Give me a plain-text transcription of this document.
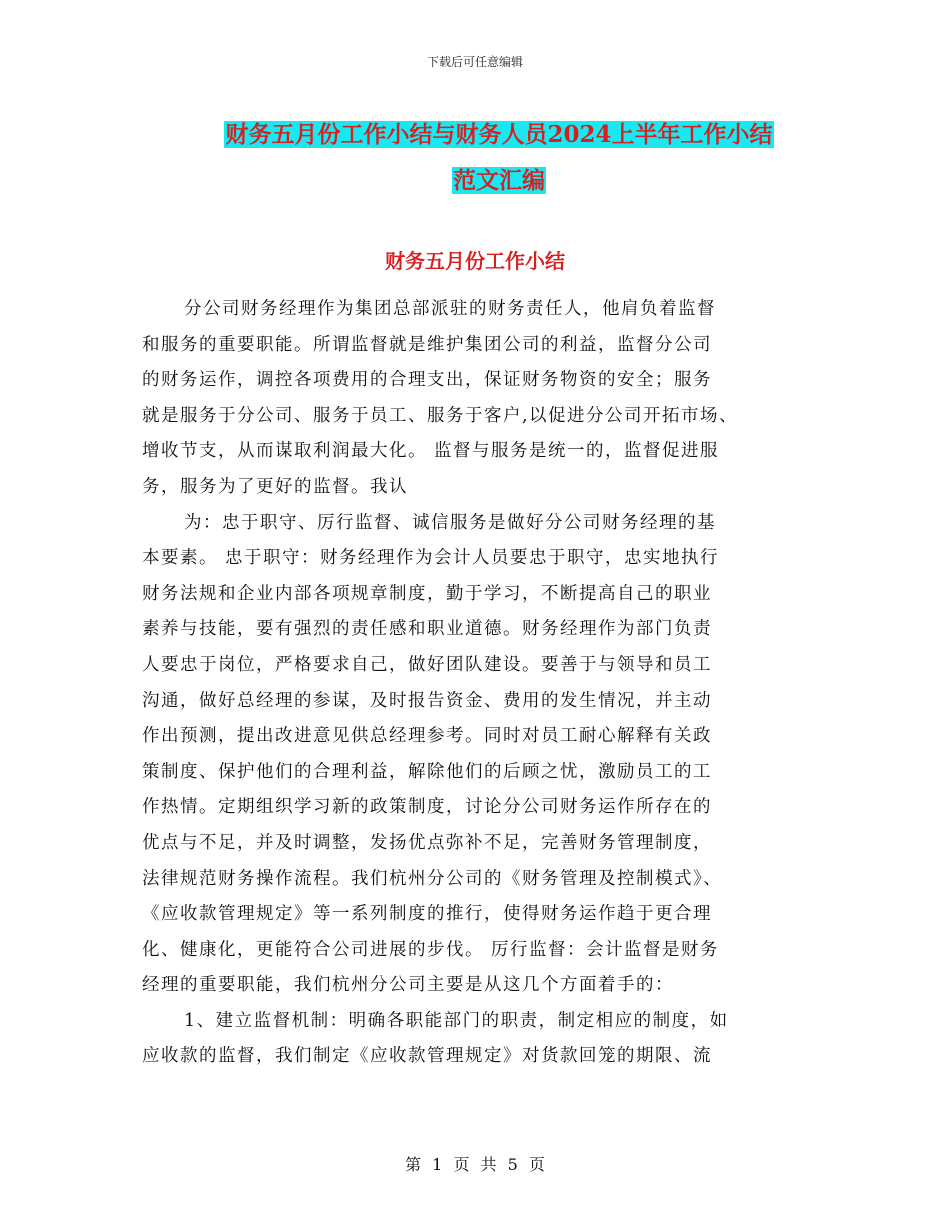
下载后可任意编辑
财务五月份工作小结与财务人员2024上半年工作小结
范文汇编
财务五月份工作小结
分公司财务经理作为集团总部派驻的财务责任人，他肩负着监督
和服务的重要职能。所谓监督就是维护集团公司的利益，监督分公司
的财务运作，调控各项费用的合理支出，保证财务物资的安全；服务
就是服务于分公司、服务于员工、服务于客户,以促进分公司开拓市场、
增收节支，从而谋取利润最大化。 监督与服务是统一的，监督促进服
务，服务为了更好的监督。我认
为：忠于职守、厉行监督、诚信服务是做好分公司财务经理的基
本要素。 忠于职守：财务经理作为会计人员要忠于职守，忠实地执行
财务法规和企业内部各项规章制度，勤于学习，不断提高自己的职业
素养与技能，要有强烈的责任感和职业道德。财务经理作为部门负责
人要忠于岗位，严格要求自己，做好团队建设。要善于与领导和员工
沟通，做好总经理的参谋，及时报告资金、费用的发生情况，并主动
作出预测，提出改进意见供总经理参考。同时对员工耐心解释有关政
策制度、保护他们的合理利益，解除他们的后顾之忧，激励员工的工
作热情。定期组织学习新的政策制度，讨论分公司财务运作所存在的
优点与不足，并及时调整，发扬优点弥补不足，完善财务管理制度，
法律规范财务操作流程。我们杭州分公司的《财务管理及控制模式》、
《应收款管理规定》等一系列制度的推行，使得财务运作趋于更合理
化、健康化，更能符合公司进展的步伐。 厉行监督：会计监督是财务
经理的重要职能，我们杭州分公司主要是从这几个方面着手的：
1、建立监督机制：明确各职能部门的职责，制定相应的制度，如
应收款的监督，我们制定《应收款管理规定》对货款回笼的期限、流
第 1 页 共 5 页
